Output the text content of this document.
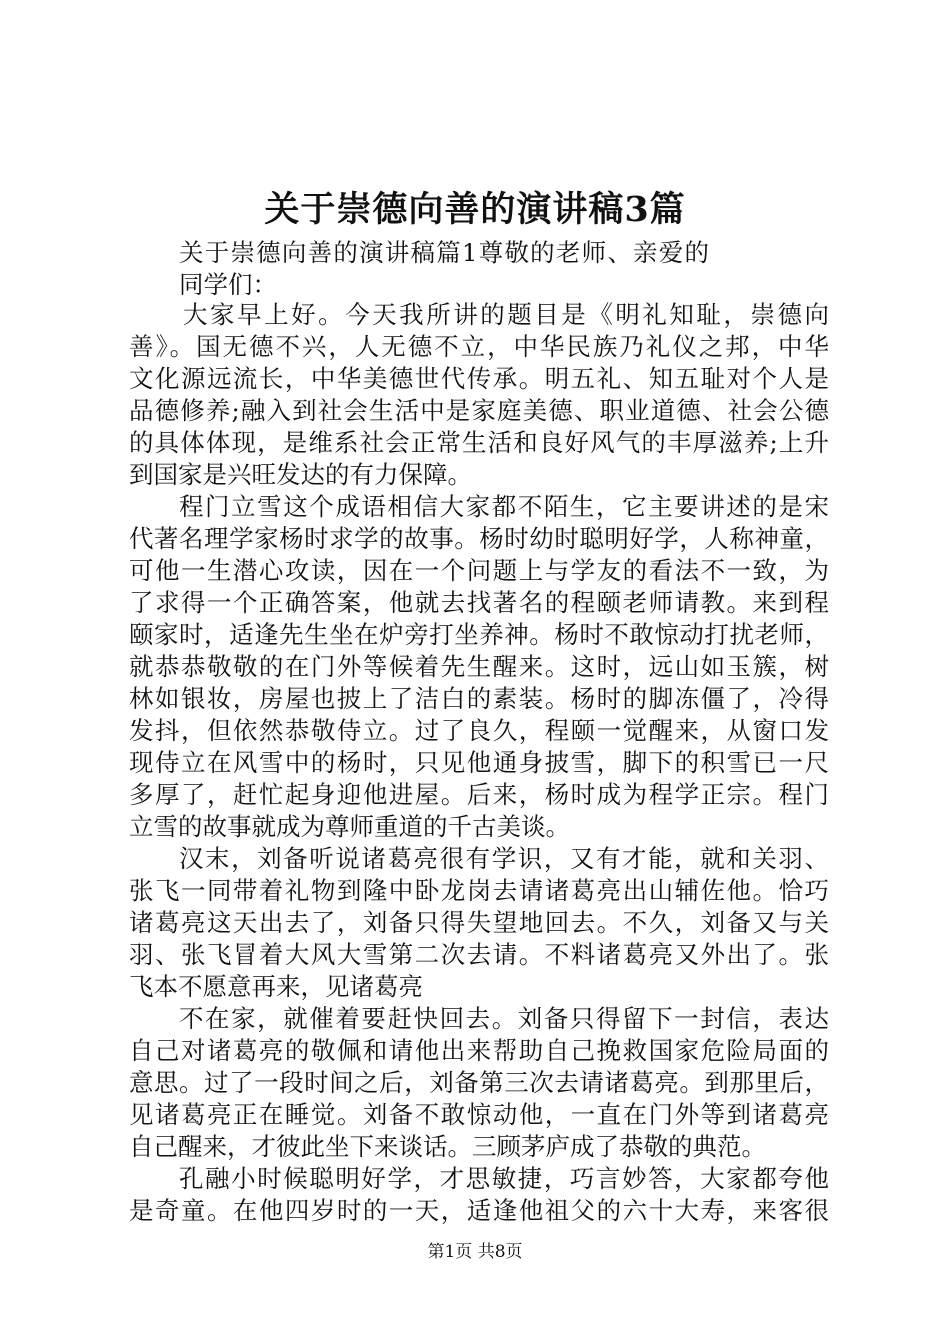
关于崇德向善的演讲稿3篇
关于崇德向善的演讲稿篇1尊敬的老师、亲爱的
同学们：
大家早上好。今天我所讲的题目是《明礼知耻，崇德向
善》。国无德不兴，人无德不立，中华民族乃礼仪之邦，中华
文化源远流长，中华美德世代传承。明五礼、知五耻对个人是
品德修养;融入到社会生活中是家庭美德、职业道德、社会公德
的具体体现，是维系社会正常生活和良好风气的丰厚滋养;上升
到国家是兴旺发达的有力保障。
程门立雪这个成语相信大家都不陌生，它主要讲述的是宋
代著名理学家杨时求学的故事。杨时幼时聪明好学，人称神童，
可他一生潜心攻读，因在一个问题上与学友的看法不一致，为
了求得一个正确答案，他就去找著名的程颐老师请教。来到程
颐家时，适逢先生坐在炉旁打坐养神。杨时不敢惊动打扰老师，
就恭恭敬敬的在门外等候着先生醒来。这时，远山如玉簇，树
林如银妆，房屋也披上了洁白的素装。杨时的脚冻僵了，冷得
发抖，但依然恭敬侍立。过了良久，程颐一觉醒来，从窗口发
现侍立在风雪中的杨时，只见他通身披雪，脚下的积雪已一尺
多厚了，赶忙起身迎他进屋。后来，杨时成为程学正宗。程门
立雪的故事就成为尊师重道的千古美谈。
汉末，刘备听说诸葛亮很有学识，又有才能，就和关羽、
张飞一同带着礼物到隆中卧龙岗去请诸葛亮出山辅佐他。恰巧
诸葛亮这天出去了，刘备只得失望地回去。不久，刘备又与关
羽、张飞冒着大风大雪第二次去请。不料诸葛亮又外出了。张
飞本不愿意再来，见诸葛亮
不在家，就催着要赶快回去。刘备只得留下一封信，表达
自己对诸葛亮的敬佩和请他出来帮助自己挽救国家危险局面的
意思。过了一段时间之后，刘备第三次去请诸葛亮。到那里后，
见诸葛亮正在睡觉。刘备不敢惊动他，一直在门外等到诸葛亮
自己醒来，才彼此坐下来谈话。三顾茅庐成了恭敬的典范。
孔融小时候聪明好学，才思敏捷，巧言妙答，大家都夸他
是奇童。在他四岁时的一天，适逢他祖父的六十大寿，来客很
第1页 共8页
